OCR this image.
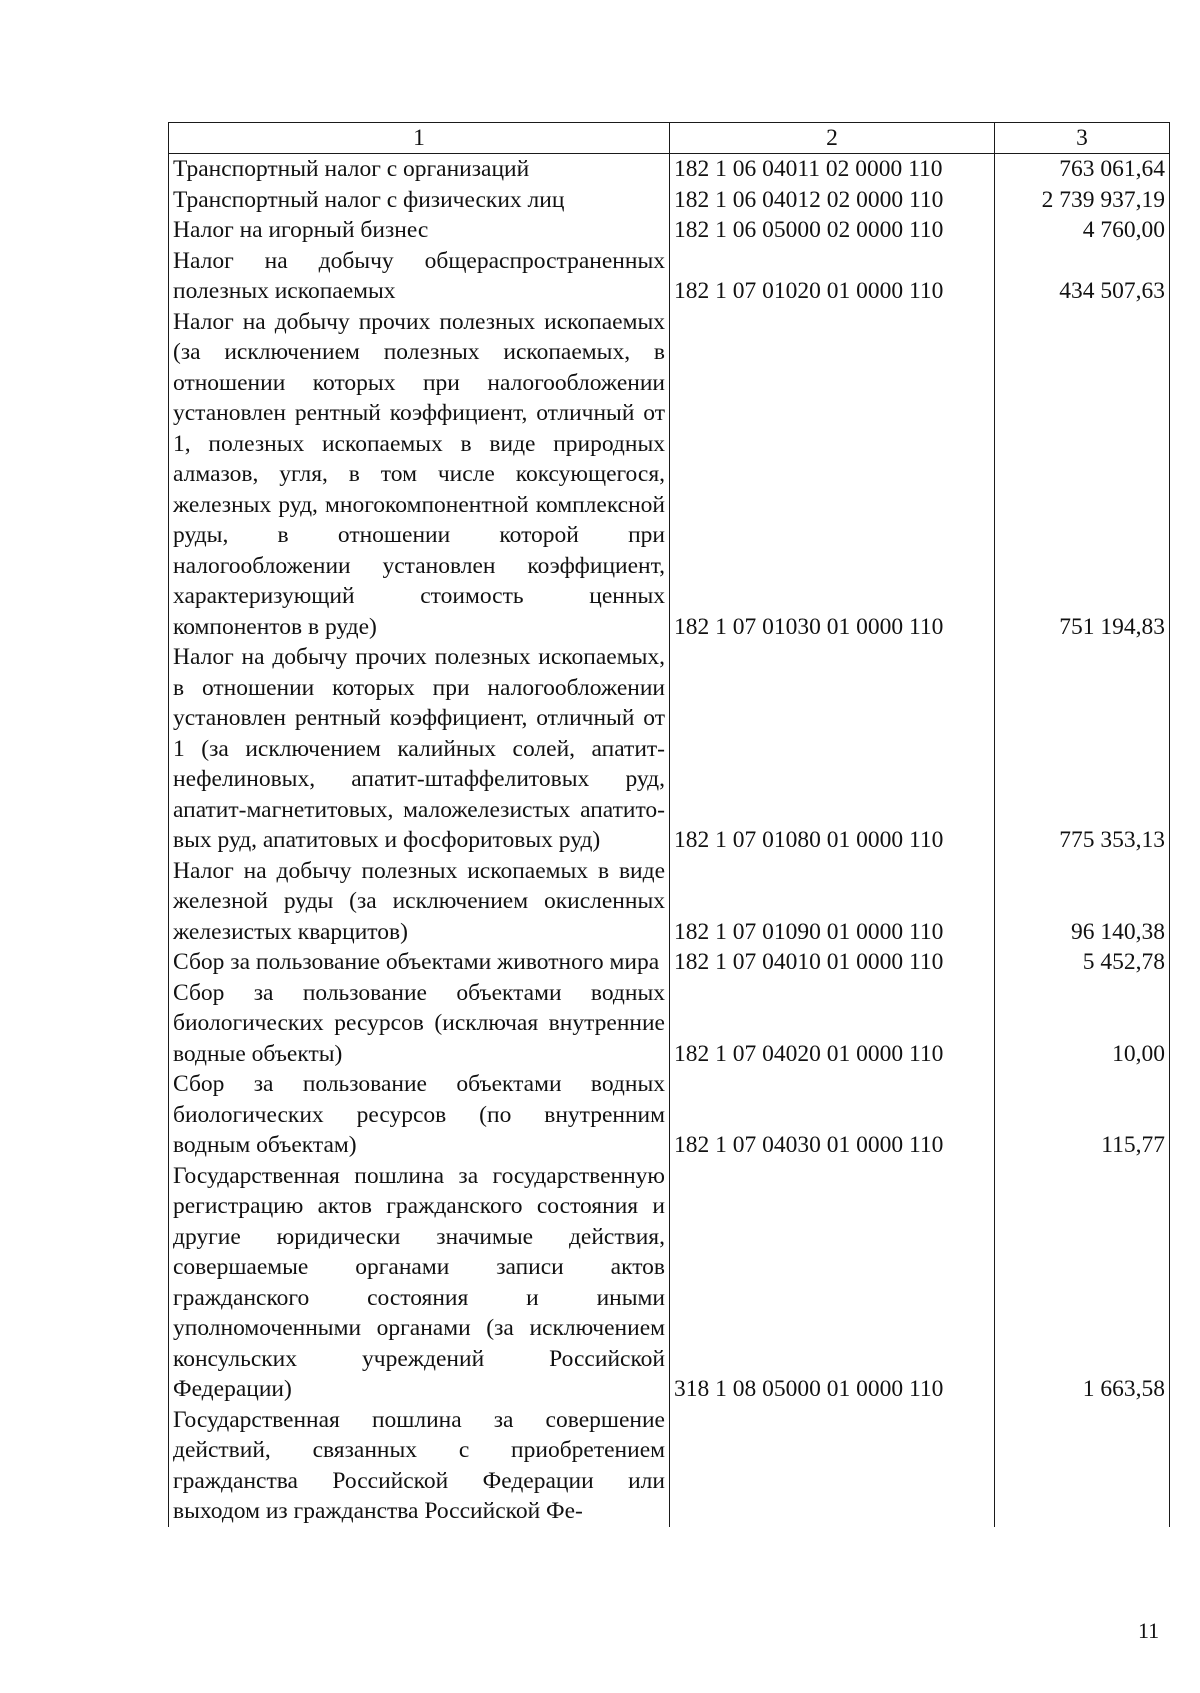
1	2	3
Транспортный налог с организаций	182 1 06 04011 02 0000 110	763 061,64
Транспортный налог с физических лиц	182 1 06 04012 02 0000 110	2 739 937,19
Налог на игорный бизнес	182 1 06 05000 02 0000 110	4 760,00
Налог на добычу общераспространенных полезных ископаемых	182 1 07 01020 01 0000 110	434 507,63
Налог на добычу прочих полезных ископаемых (за исключением полезных ископаемых, в отношении которых при налогообложении установлен рентный коэффициент, отличный от 1, полезных ископаемых в виде природных алмазов, угля, в том числе коксующегося, железных руд, многокомпонентной комплексной руды, в отношении которой при налогообложении установлен коэффициент, характеризующий стоимость ценных компонентов в руде)	182 1 07 01030 01 0000 110	751 194,83
Налог на добычу прочих полезных ископаемых, в отношении которых при налогообложении установлен рентный коэффициент, отличный от 1 (за исключением калийных солей, апатит-нефелиновых, апатит-штаффелитовых руд, апатит-магнетитовых, маложелезистых апатитовых руд, апатитовых и фосфоритовых руд)	182 1 07 01080 01 0000 110	775 353,13
Налог на добычу полезных ископаемых в виде железной руды (за исключением окисленных железистых кварцитов)	182 1 07 01090 01 0000 110	96 140,38
Сбор за пользование объектами животного мира	182 1 07 04010 01 0000 110	5 452,78
Сбор за пользование объектами водных биологических ресурсов (исключая внутренние водные объекты)	182 1 07 04020 01 0000 110	10,00
Сбор за пользование объектами водных биологических ресурсов (по внутренним водным объектам)	182 1 07 04030 01 0000 110	115,77
Государственная пошлина за государственную регистрацию актов гражданского состояния и другие юридически значимые действия, совершаемые органами записи актов гражданского состояния и иными уполномоченными органами (за исключением консульских учреждений Российской Федерации)	318 1 08 05000 01 0000 110	1 663,58
Государственная пошлина за совершение действий, связанных с приобретением гражданства Российской Федерации или выходом из гражданства Российской Фе-		
11
